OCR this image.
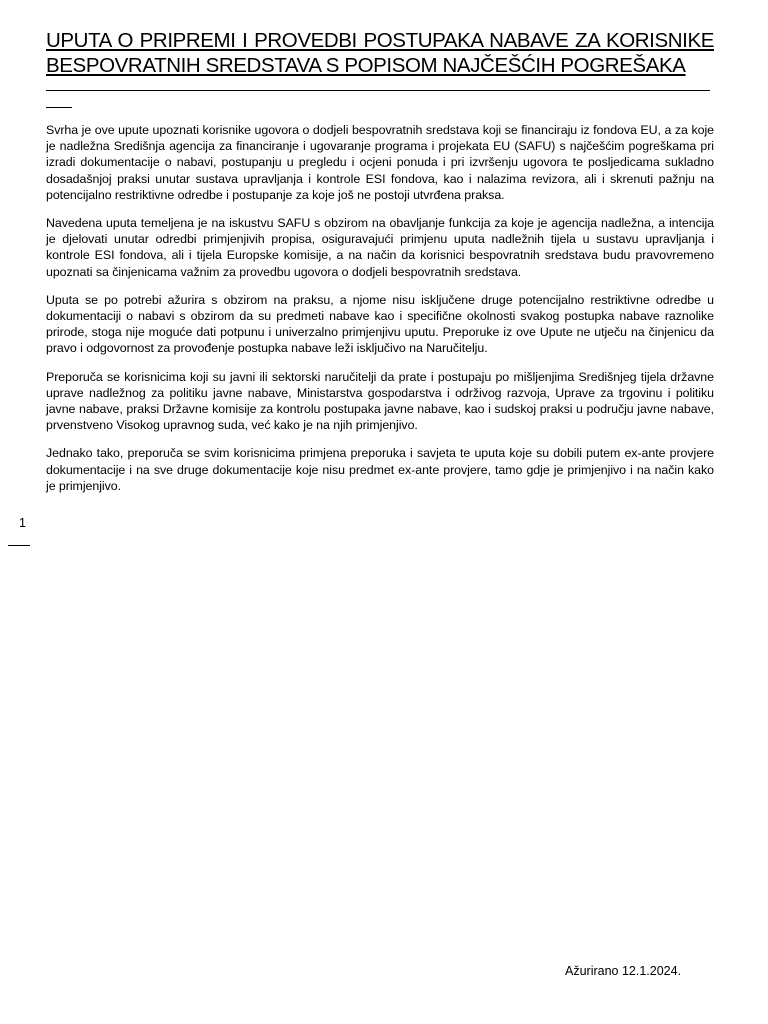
UPUTA O PRIPREMI I PROVEDBI POSTUPAKA NABAVE ZA KORISNIKE BESPOVRATNIH SREDSTAVA S POPISOM NAJČEŠĆIH POGREŠAKA

Svrha je ove upute upoznati korisnike ugovora o dodjeli bespovratnih sredstava koji se financiraju iz fondova EU, a za koje je nadležna Središnja agencija za financiranje i ugovaranje programa i projekata EU (SAFU) s najčešćim pogreškama pri izradi dokumentacije o nabavi, postupanju u pregledu i ocjeni ponuda i pri izvršenju ugovora te posljedicama sukladno dosadašnjoj praksi unutar sustava upravljanja i kontrole ESI fondova, kao i nalazima revizora, ali i skrenuti pažnju na potencijalno restriktivne odredbe i postupanje za koje još ne postoji utvrđena praksa.

Navedena uputa temeljena je na iskustvu SAFU s obzirom na obavljanje funkcija za koje je agencija nadležna, a intencija je djelovati unutar odredbi primjenjivih propisa, osiguravajući primjenu uputa nadležnih tijela u sustavu upravljanja i kontrole ESI fondova, ali i tijela Europske komisije, a na način da korisnici bespovratnih sredstava budu pravovremeno upoznati sa činjenicama važnim za provedbu ugovora o dodjeli bespovratnih sredstava.

Uputa se po potrebi ažurira s obzirom na praksu, a njome nisu isključene druge potencijalno restriktivne odredbe u dokumentaciji o nabavi s obzirom da su predmeti nabave kao i specifične okolnosti svakog postupka nabave raznolike prirode, stoga nije moguće dati potpunu i univerzalno primjenjivu uputu. Preporuke iz ove Upute ne utječu na činjenicu da pravo i odgovornost za provođenje postupka nabave leži isključivo na Naručitelju.

Preporuča se korisnicima koji su javni ili sektorski naručitelji da prate i postupaju po mišljenjima Središnjeg tijela državne uprave nadležnog za politiku javne nabave, Ministarstva gospodarstva i održivog razvoja, Uprave za trgovinu i politiku javne nabave, praksi Državne komisije za kontrolu postupaka javne nabave, kao i sudskoj praksi u području javne nabave, prvenstveno Visokog upravnog suda, već kako je na njih primjenjivo.

Jednako tako, preporuča se svim korisnicima primjena preporuka i savjeta te uputa koje su dobili putem ex-ante provjere dokumentacije i na sve druge dokumentacije koje nisu predmet ex-ante provjere, tamo gdje je primjenjivo i na način kako je primjenjivo.

1
Ažurirano 12.1.2024.
